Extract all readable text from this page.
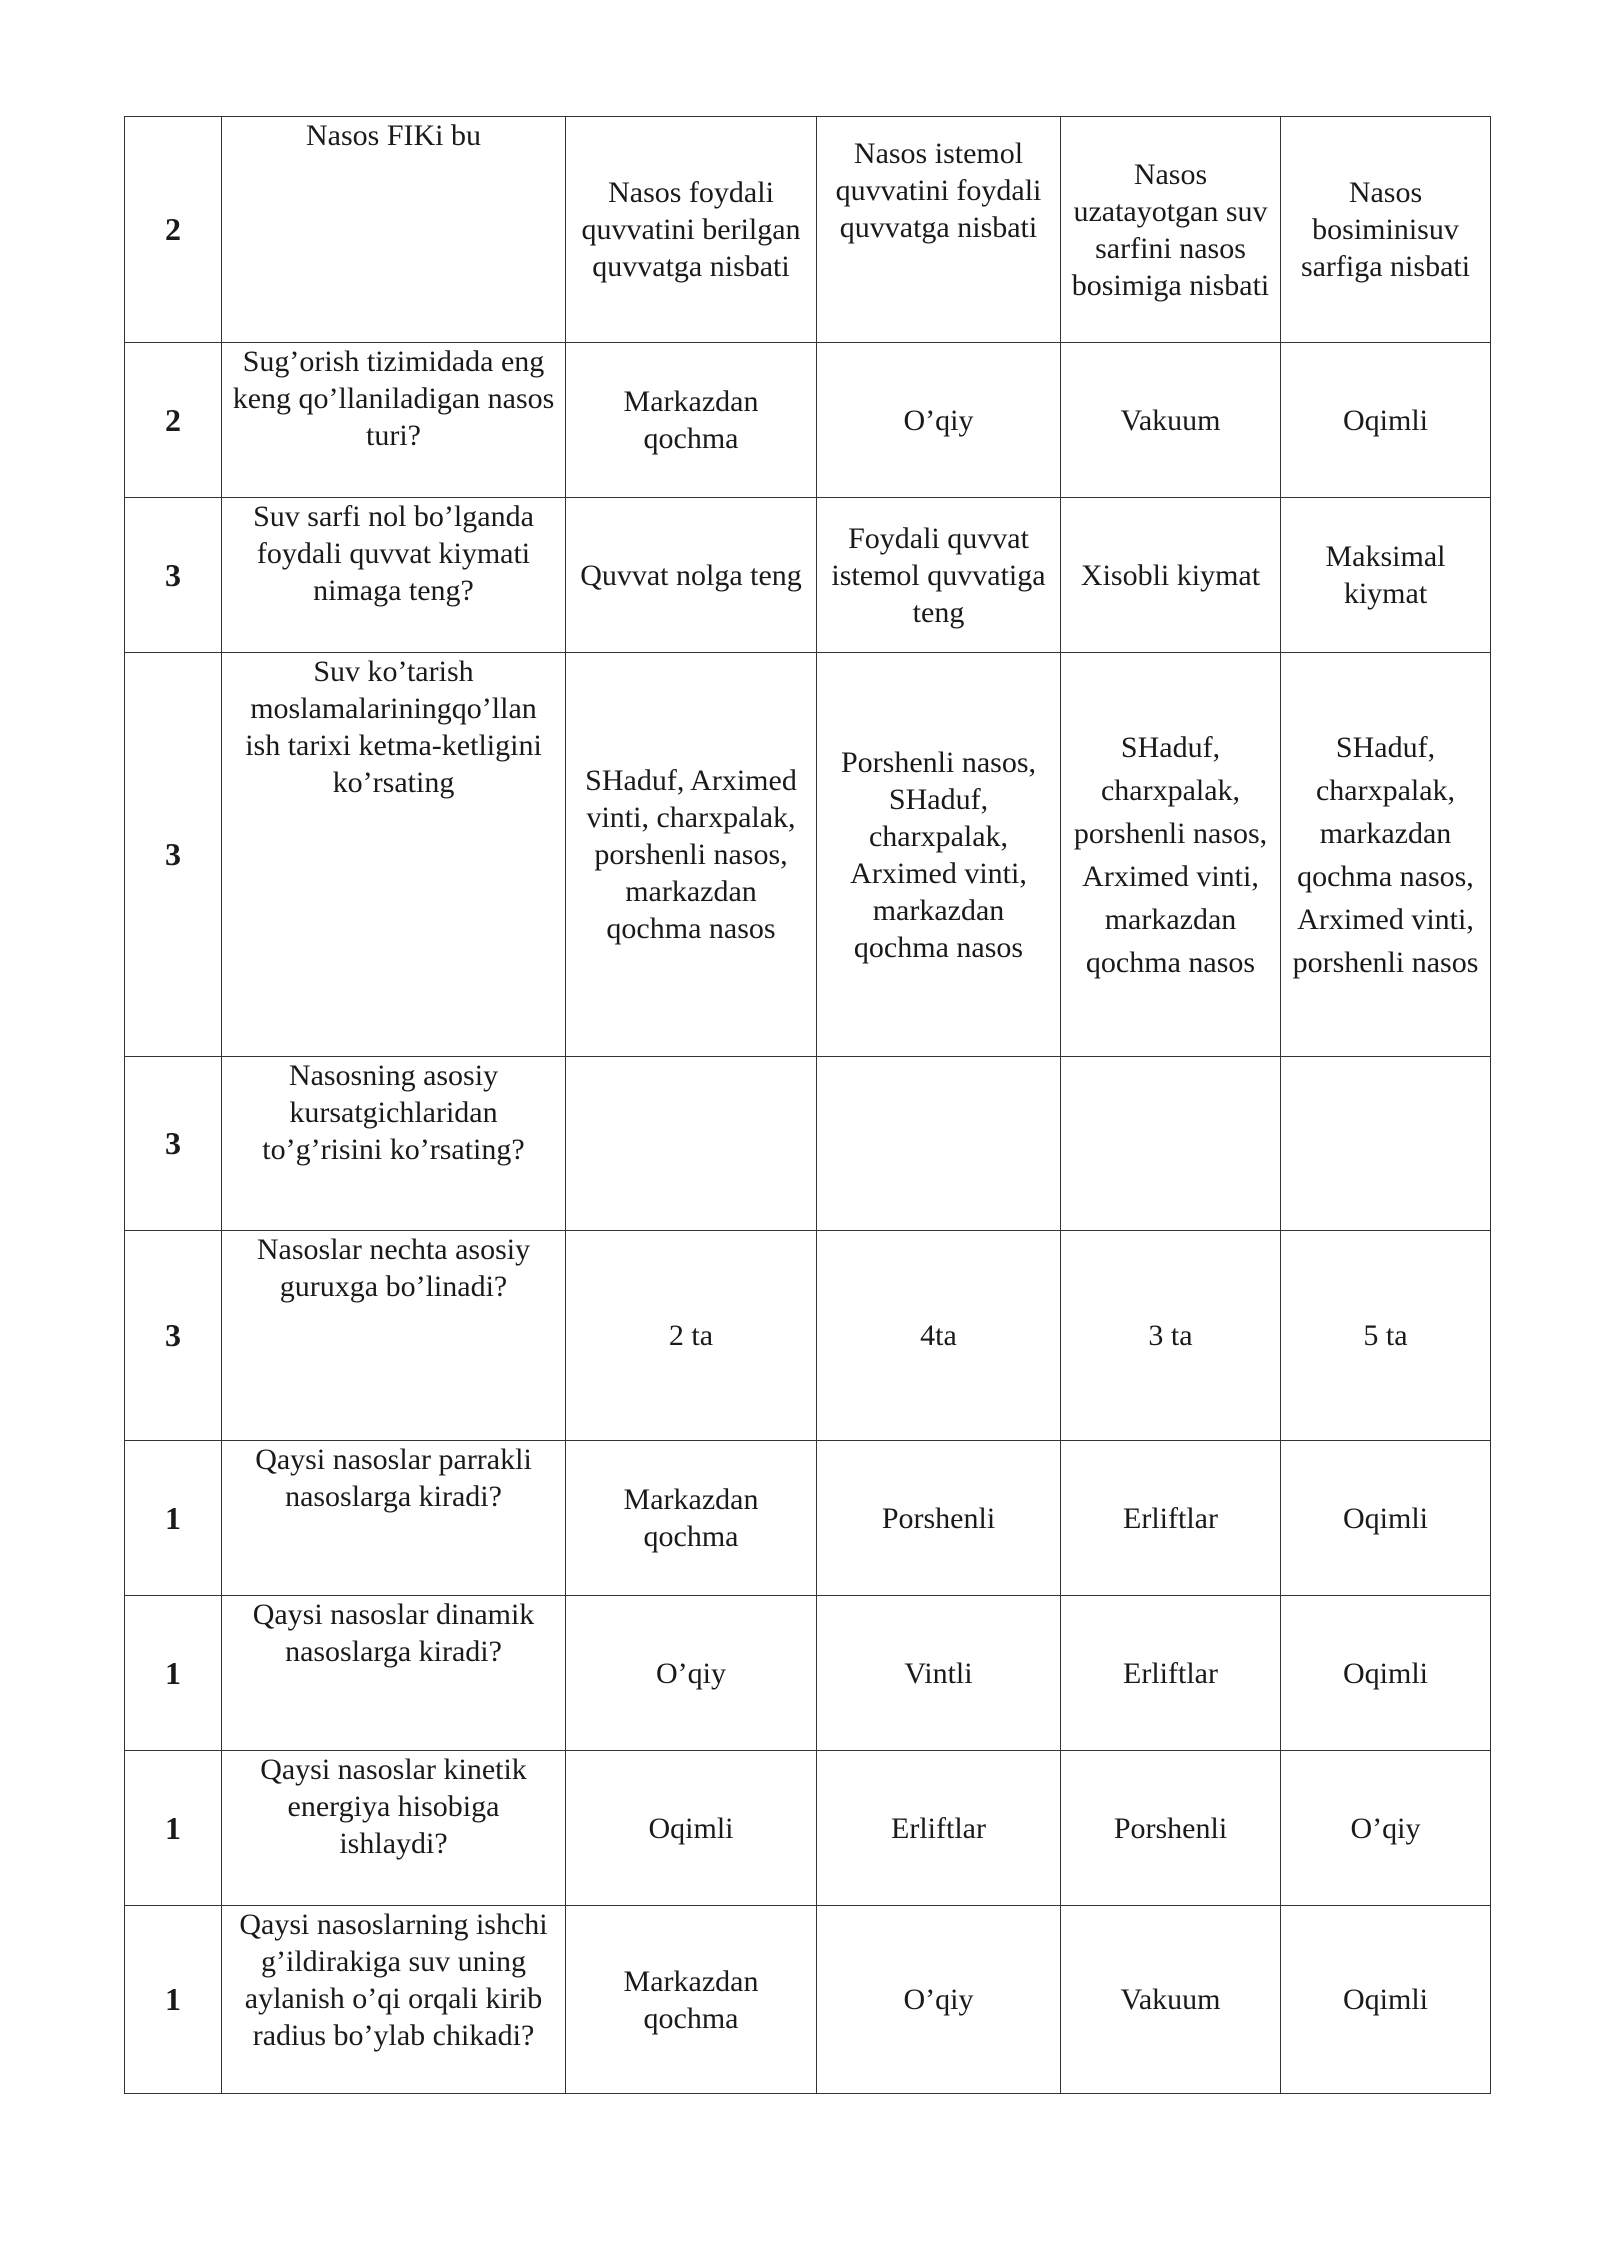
2	Nasos FIKi bu	Nasos foydali quvvatini berilgan quvvatga nisbati	Nasos istemol quvvatini foydali quvvatga nisbati	Nasos uzatayotgan suv sarfini nasos bosimiga nisbati	Nasos bosiminisuv sarfiga nisbati
2	Sug’orish tizimidada eng keng qo’llaniladigan nasos turi?	Markazdan qochma	O’qiy	Vakuum	Oqimli
3	Suv sarfi nol bo’lganda foydali quvvat kiymati nimaga teng?	Quvvat nolga teng	Foydali quvvat istemol quvvatiga teng	Xisobli kiymat	Maksimal kiymat
3	Suv ko’tarish moslamalariningqo’llan ish tarixi ketma-ketligini ko’rsating	SHaduf, Arximed vinti, charxpalak, porshenli nasos, markazdan qochma nasos	Porshenli nasos, SHaduf, charxpalak, Arximed vinti, markazdan qochma nasos	SHaduf, charxpalak, porshenli nasos, Arximed vinti, markazdan qochma nasos	SHaduf, charxpalak, markazdan qochma nasos, Arximed vinti, porshenli nasos
3	Nasosning asosiy kursatgichlaridan to’g’risini ko’rsating?				
3	Nasoslar nechta asosiy guruxga bo’linadi?	2 ta	4ta	3 ta	5 ta
1	Qaysi nasoslar parrakli nasoslarga kiradi?	Markazdan qochma	Porshenli	Erliftlar	Oqimli
1	Qaysi nasoslar dinamik nasoslarga kiradi?	O’qiy	Vintli	Erliftlar	Oqimli
1	Qaysi nasoslar kinetik energiya hisobiga ishlaydi?	Oqimli	Erliftlar	Porshenli	O’qiy
1	Qaysi nasoslarning ishchi g’ildirakiga suv uning aylanish o’qi orqali kirib radius bo’ylab chikadi?	Markazdan qochma	O’qiy	Vakuum	Oqimli
